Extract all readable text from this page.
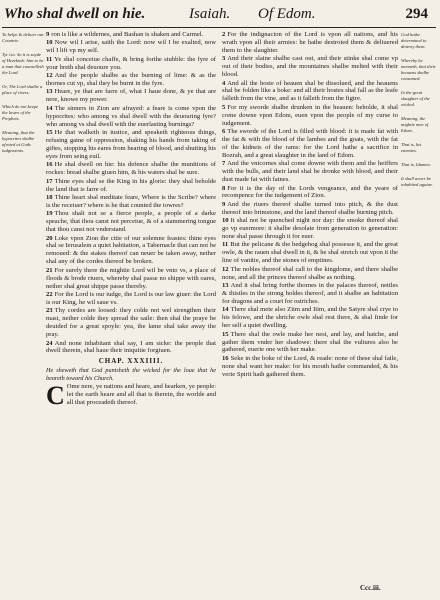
Who shal dwell on hie.	Isaiah. Of Edom.	294

To helpe & deliuer our Countrie.

Tyt i.in. So it is sayde of Hezekiah: him to be a man that counselleth the Lord.

Or, The Lord shalbe a place of rivers.

Which do not keepe the lawes of the Prophets.

Meaning, that the hypocrites shalbe afraied at Gods iudgements.

9 ron is like a wildernes, and Bashan is shaken and Carmel.

10 Now wil I arise, saith the Lord: now wil I be exalted, now wil I lift vp my self.

11 Ye shal conceiue chaffe, & bring forthe stubble: the fyre of your breth shal deuoure you.

12 And the people shalbe as the burning of lime: & as the thornes cut vp, shal they be burnt in the fyre.

13 Heare, ye that are farre of, what I haue done, & ye that are nere, knowe my power.

14 The sinners in Zion are afrayed: a feare is come vpon the hypocrites: who among vs shal dwell with the deuouring fyre? who among vs shal dwell with the euerlasting burnings?

15 He that walketh in iustice, and speaketh righteous things, refusing gaine of oppression, shaking his hands from taking of giftes, stopping his eares from hearing of blood, and shutting his eyes from seing euil.

16 He shal dwell on hie: his defence shalbe the munitions of rockes: bread shalbe giuen him, & his waters shal be sure.

17 Thine eyes shal se the King in his glorie: they shal beholde the land that is farre of.

18 Thine heart shal meditate feare, Where is the Scribe? where is the receiuer? where is he that counted the towres?

19 Thou shalt not se a fierce people, a people of a darke speache, that thou canst not perceiue, & of a stammering tongue that thou canst not vnderstand.

20 Loke vpon Zion the citie of our solemne feastes: thine eyes shal se Ierusalem a quiet habitation, a Tabernacle that can not be remoued: & the stakes thereof can neuer be taken away, nether shal any of the cordes thereof be broken.

21 For surely there the mightie Lord wil be vnto vs, a place of floods & brode riuers, whereby shal passe no shippe with oares, nether shal great shippe passe thereby.

22 For the Lord is our iudge, the Lord is our law giuer: the Lord is our King, he wil saue vs.

23 Thy cordes are loosed: they colde not wel strengthen their mast, nether colde they spread the saile: then shal the praye be deuided for a great spoyle: yea, the lame shal take away the pray.

24 And none inhabitant shal say, I am sicke: the people that dwell therein, shal haue their iniquitie forgiuen.

CHAP. XXXIIII.
He sheweth that God punisheth the wicked for the loue that he beareth toward his Church.

C Ome nere, ye nations and heare, and hearken, ye people: let the earth heare and all that is therein, the worlde and all that proceadeth thereof.

2 For the indignacion of the Lord is vpon all nations, and his wrath vpon all their armies: he hathe destroied them & deliuered them to the slaughter.

3 And their slaine shalbe cast out, and their stinke shal come vp out of their bodies, and the mountaines shalbe melted with their blood.

4 And all the hoste of heauen shal be dissolued, and the heauens shal be folden like a boke: and all their hostes shal fall as the leafe falleth from the vine, and as it falleth from the figtre.

5 For my sworde shalbe drunken in the heauen: beholde, it shal come downe vpon Edom, euen vpon the people of my curse to iudgement.

6 The sworde of the Lord is filled with blood: it is made fat with the fat & with the blood of the lambes and the goats, with the fat of the kidneis of the rams: for the Lord hathe a sacrifice in Bozrah, and a great slaughter in the land of Edom.

7 And the vnicornes shal come downe with them and the heiffers with the bulls, and their land shal be dronke with blood, and their dust made fat with fatnes.

8 For it is the day of the Lords vengeance, and the yeare of recompence for the iudgement of Zion.

9 And the riuers thereof shalbe turned into pitch, & the dust thereof into brimstone, and the land thereof shalbe burning pitch.

10 It shal not be quenched night nor day: the smoke thereof shal go vp euermore: it shalbe desolate from generation to generation: none shal passe through it for euer.

11 But the pelicane & the hedgehog shal possesse it, and the great owle, & the rauen shal dwell in it, & he shal stretch out vpon it the line of vanitie, and the stones of emptines.

12 The nobles thereof shal call to the kingdome, and there shalbe none, and all the princes thereof shalbe as nothing.

13 And it shal bring forthe thornes in the palaces thereof, nettles & thistles in the strong holdes thereof, and it shalbe an habitation for dragons and a court for ostriches.

14 There shal mete also Ziim and Iiim, and the Satyre shal crye to his felowe, and the shriche owle shal rest there, & shal finde for her self a quiet dwelling.

15 There shal the owle make her nest, and lay, and hatche, and gather them vnder her shadowe: there shal the vultures also be gathered, euerie one with her make.

16 Seke in the boke of the Lord, & reade: none of these shal faile, none shal want her make: for his mouth hathe commanded, & his verie Spirit hath gathered them.

God hathe determined to destroy them.

Whereby he meaneth, that their heauens shalbe consumed.

In the great slaughter of the wicked.

Meaning, the mightie men of Edom.

That is, his enemies.

That is, Idumea.

It shall neuer be inhabited againe.

Ccc.iii.
